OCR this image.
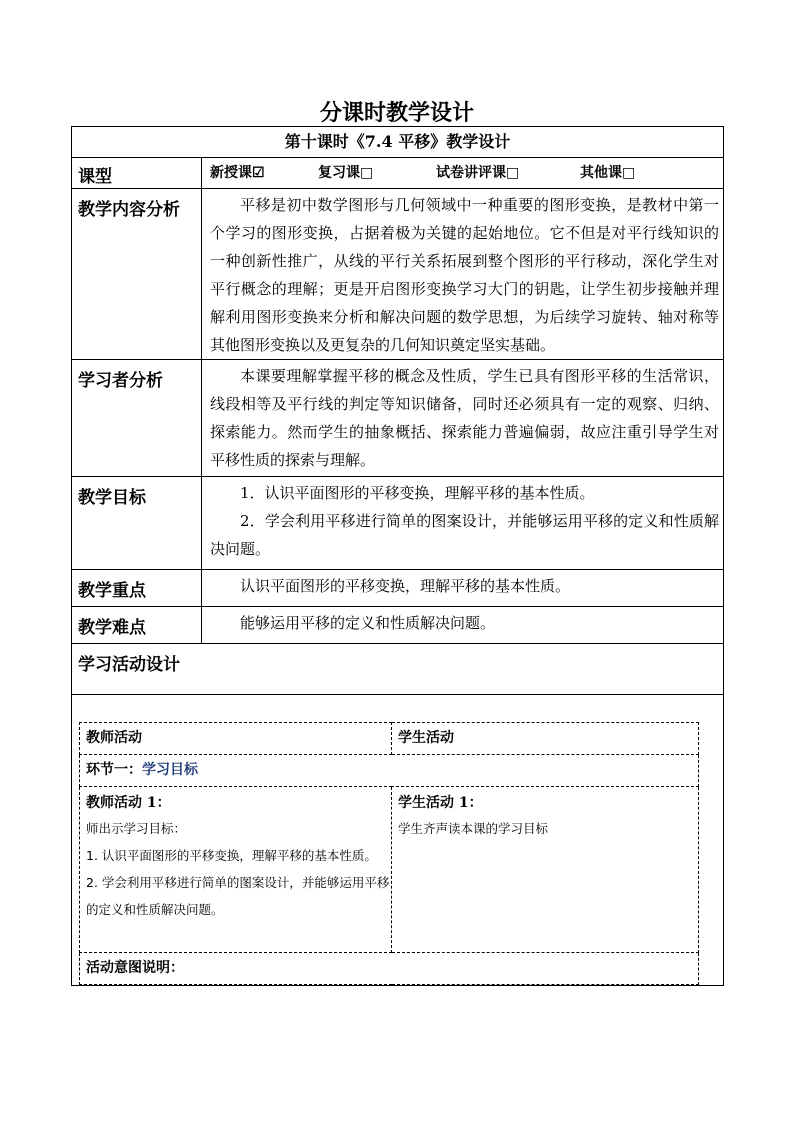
分课时教学设计
第十课时《7.4 平移》教学设计
课型	新授课☑	复习课□	试卷讲评课□	其他课□
教学内容分析	平移是初中数学图形与几何领域中一种重要的图形变换，是教材中第一个学习的图形变换，占据着极为关键的起始地位。它不但是对平行线知识的一种创新性推广，从线的平行关系拓展到整个图形的平行移动，深化学生对平行概念的理解；更是开启图形变换学习大门的钥匙，让学生初步接触并理解利用图形变换来分析和解决问题的数学思想，为后续学习旋转、轴对称等其他图形变换以及更复杂的几何知识奠定坚实基础。

学习者分析	本课要理解掌握平移的概念及性质，学生已具有图形平移的生活常识，线段相等及平行线的判定等知识储备，同时还必须具有一定的观察、归纳、探索能力。然而学生的抽象概括、探索能力普遍偏弱，故应注重引导学生对平移性质的探索与理解。

教学目标	1．认识平面图形的平移变换，理解平移的基本性质。

2．学会利用平移进行简单的图案设计，并能够运用平移的定义和性质解决问题。

教学重点	认识平面图形的平移变换，理解平移的基本性质。

教学难点	能够运用平移的定义和性质解决问题。

学习活动设计

教师活动	学生活动
环节一：学习目标

教师活动 1：
师出示学习目标：
1. 认识平面图形的平移变换，理解平移的基本性质。
2. 学会利用平移进行简单的图案设计，并能够运用平移的定义和性质解决问题。

学生活动 1：
学生齐声读本课的学习目标

活动意图说明：
